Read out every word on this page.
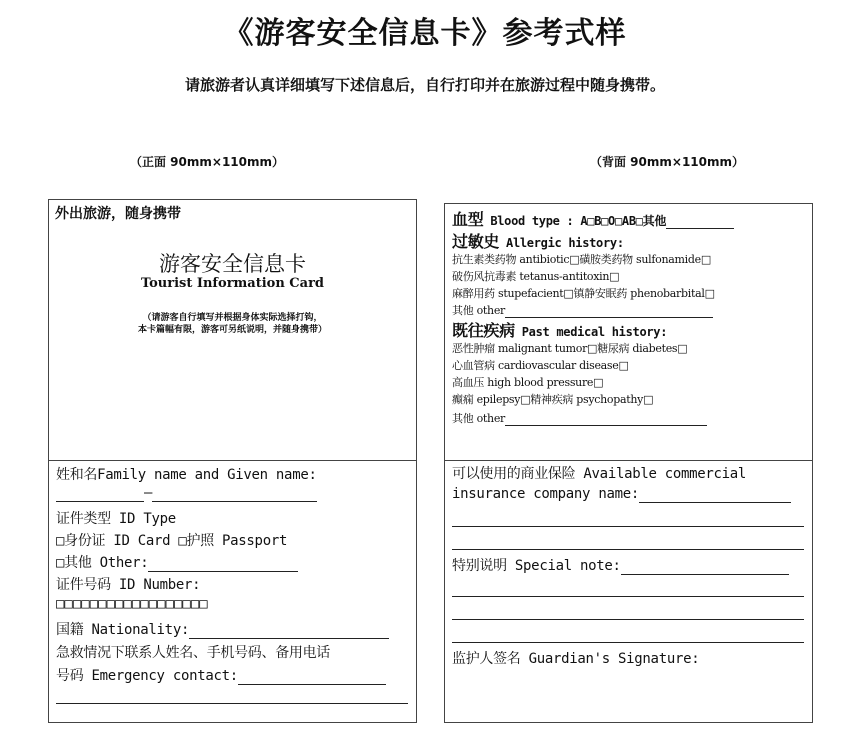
《游客安全信息卡》参考式样
请旅游者认真详细填写下述信息后，自行打印并在旅游过程中随身携带。
（正面 90mm×110mm）	（背面 90mm×110mm）
外出旅游，随身携带
游客安全信息卡
Tourist Information Card
（请游客自行填写并根据身体实际选择打钩，
本卡篇幅有限，游客可另纸说明，并随身携带）
姓和名Family name and Given name:
—
证件类型 ID Type
□身份证 ID Card □护照 Passport
□其他 Other:
证件号码 ID Number:
□□□□□□□□□□□□□□□□□□
国籍 Nationality:
急救情况下联系人姓名、手机号码、备用电话
号码 Emergency contact:
血型 Blood type : A□B□O□AB□其他
过敏史 Allergic history:
抗生素类药物 antibiotic□磺胺类药物 sulfonamide□
破伤风抗毒素 tetanus-antitoxin□
麻醉用药 stupefacient□镇静安眠药 phenobarbital□
其他 other
既往疾病 Past medical history:
恶性肿瘤 malignant tumor□糖尿病 diabetes□
心血管病 cardiovascular disease□
高血压 high blood pressure□
癫痫 epilepsy□精神疾病 psychopathy□
其他 other
可以使用的商业保险 Available commercial
insurance company name:
特别说明 Special note:
监护人签名 Guardian's Signature:
